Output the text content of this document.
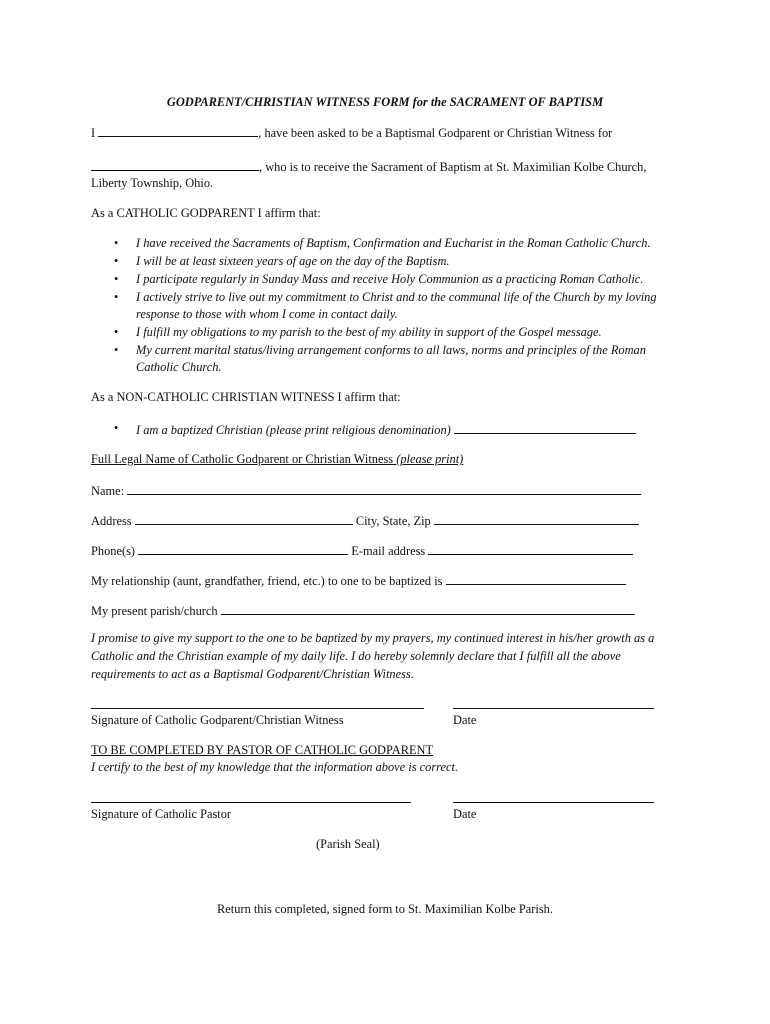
GODPARENT/CHRISTIAN WITNESS FORM for the SACRAMENT OF BAPTISM
I	, have been asked to be a Baptismal Godparent or Christian Witness for
, who is to receive the Sacrament of Baptism at St. Maximilian Kolbe Church,
Liberty Township, Ohio.
As a CATHOLIC GODPARENT I affirm that:
• I have received the Sacraments of Baptism, Confirmation and Eucharist in the Roman Catholic Church.
• I will be at least sixteen years of age on the day of the Baptism.
• I participate regularly in Sunday Mass and receive Holy Communion as a practicing Roman Catholic.
• I actively strive to live out my commitment to Christ and to the communal life of the Church by my loving
response to those with whom I come in contact daily.
• I fulfill my obligations to my parish to the best of my ability in support of the Gospel message.
• My current marital status/living arrangement conforms to all laws, norms and principles of the Roman
Catholic Church.
As a NON-CATHOLIC CHRISTIAN WITNESS I affirm that:
• I am a baptized Christian (please print religious denomination)
Full Legal Name of Catholic Godparent or Christian Witness (please print)
Name:
Address	City, State, Zip
Phone(s)	E-mail address
My relationship (aunt, grandfather, friend, etc.) to one to be baptized is
My present parish/church
I promise to give my support to the one to be baptized by my prayers, my continued interest in his/her growth as a
Catholic and the Christian example of my daily life. I do hereby solemnly declare that I fulfill all the above
requirements to act as a Baptismal Godparent/Christian Witness.
Signature of Catholic Godparent/Christian Witness	Date
TO BE COMPLETED BY PASTOR OF CATHOLIC GODPARENT
I certify to the best of my knowledge that the information above is correct.
Signature of Catholic Pastor	Date
(Parish Seal)
Return this completed, signed form to St. Maximilian Kolbe Parish.
